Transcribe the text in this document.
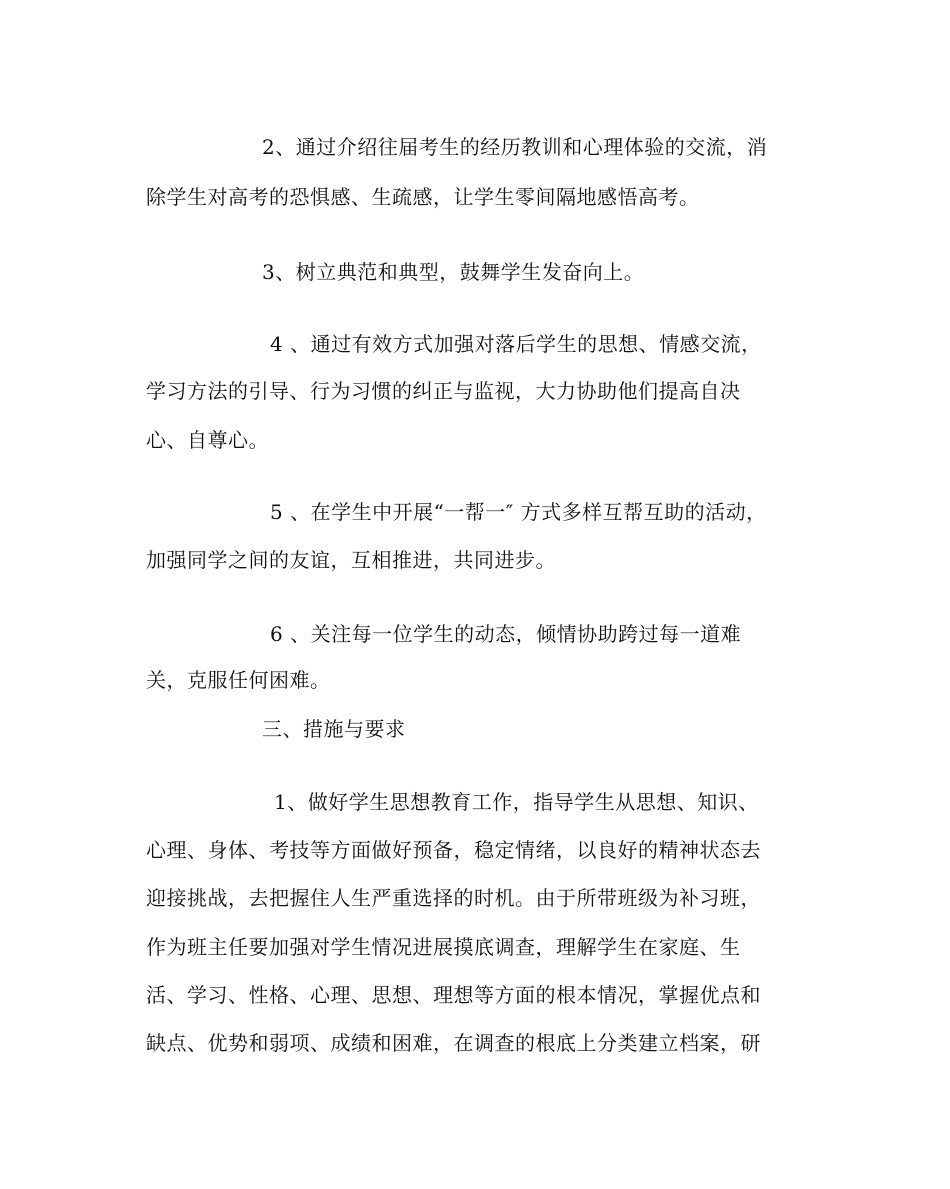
2、通过介绍往届考生的经历教训和心理体验的交流，消

除学生对高考的恐惧感、生疏感，让学生零间隔地感悟高考。

3、树立典范和典型，鼓舞学生发奋向上。

4 、通过有效方式加强对落后学生的思想、情感交流，

学习方法的引导、行为习惯的纠正与监视，大力协助他们提高自决

心、自尊心。

5 、在学生中开展“一帮一″ 方式多样互帮互助的活动，

加强同学之间的友谊，互相推进，共同进步。

6 、关注每一位学生的动态，倾情协助跨过每一道难

关，克服任何困难。

三、措施与要求

1、做好学生思想教育工作，指导学生从思想、知识、

心理、身体、考技等方面做好预备，稳定情绪，以良好的精神状态去

迎接挑战，去把握住人生严重选择的时机。由于所带班级为补习班，

作为班主任要加强对学生情况进展摸底调查，理解学生在家庭、生

活、学习、性格、心理、思想、理想等方面的根本情况，掌握优点和

缺点、优势和弱项、成绩和困难，在调查的根底上分类建立档案，研
